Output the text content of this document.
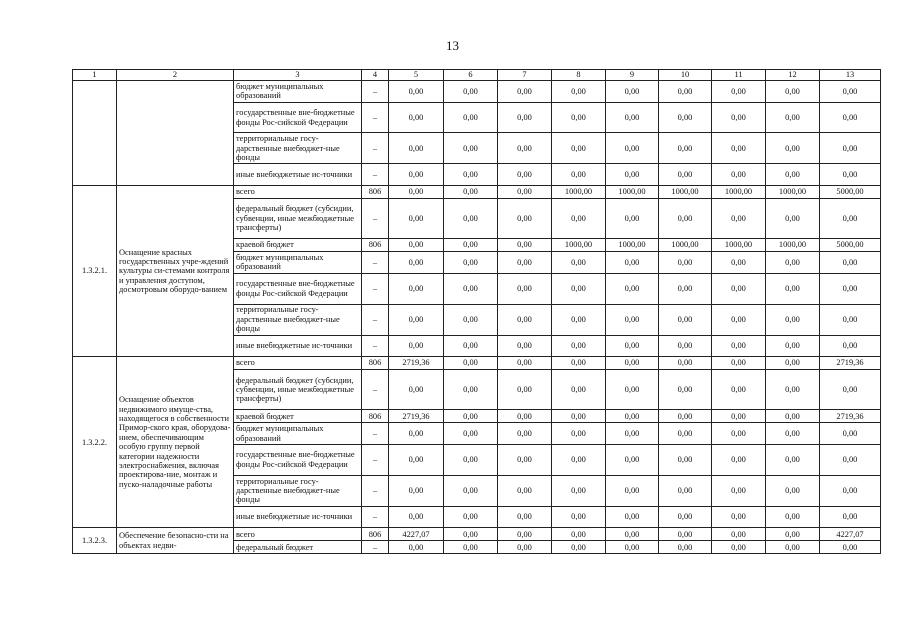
13
1	2	3	4	5	6	7	8	9	10	11	12	13
		бюджет муниципальных образований	–	0,00	0,00	0,00	0,00	0,00	0,00	0,00	0,00	0,00
		государственные вне-бюджетные фонды Рос-сийской Федерации	–	0,00	0,00	0,00	0,00	0,00	0,00	0,00	0,00	0,00
		территориальные госу-дарственные внебюджет-ные фонды	–	0,00	0,00	0,00	0,00	0,00	0,00	0,00	0,00	0,00
		иные внебюджетные ис-точники	–	0,00	0,00	0,00	0,00	0,00	0,00	0,00	0,00	0,00
1.3.2.1.	Оснащение красных государственных учре-ждений культуры си-стемами контроля и управления доступом, досмотровым оборудо-ванием	всего	806	0,00	0,00	0,00	1000,00	1000,00	1000,00	1000,00	1000,00	5000,00
		федеральный бюджет (субсидии, субвенции, иные межбюджетные трансферты)	–	0,00	0,00	0,00	0,00	0,00	0,00	0,00	0,00	0,00
		краевой бюджет	806	0,00	0,00	0,00	1000,00	1000,00	1000,00	1000,00	1000,00	5000,00
		бюджет муниципальных образований	–	0,00	0,00	0,00	0,00	0,00	0,00	0,00	0,00	0,00
		государственные вне-бюджетные фонды Рос-сийской Федерации	–	0,00	0,00	0,00	0,00	0,00	0,00	0,00	0,00	0,00
		территориальные госу-дарственные внебюджет-ные фонды	–	0,00	0,00	0,00	0,00	0,00	0,00	0,00	0,00	0,00
		иные внебюджетные ис-точники	–	0,00	0,00	0,00	0,00	0,00	0,00	0,00	0,00	0,00
1.3.2.2.	Оснащение объектов недвижимого имуще-ства, находящегося в собственности Примор-ского края, оборудова-нием, обеспечивающим особую группу первой категории надежности электроснабжения, включая проектирова-ние, монтаж и пуско-наладочные работы	всего	806	2719,36	0,00	0,00	0,00	0,00	0,00	0,00	0,00	2719,36
		федеральный бюджет (субсидии, субвенции, иные межбюджетные трансферты)	–	0,00	0,00	0,00	0,00	0,00	0,00	0,00	0,00	0,00
		краевой бюджет	806	2719,36	0,00	0,00	0,00	0,00	0,00	0,00	0,00	2719,36
		бюджет муниципальных образований	–	0,00	0,00	0,00	0,00	0,00	0,00	0,00	0,00	0,00
		государственные вне-бюджетные фонды Рос-сийской Федерации	–	0,00	0,00	0,00	0,00	0,00	0,00	0,00	0,00	0,00
		территориальные госу-дарственные внебюджет-ные фонды	–	0,00	0,00	0,00	0,00	0,00	0,00	0,00	0,00	0,00
		иные внебюджетные ис-точники	–	0,00	0,00	0,00	0,00	0,00	0,00	0,00	0,00	0,00
1.3.2.3.	Обеспечение безопасно-сти на объектах недви-	всего	806	4227,07	0,00	0,00	0,00	0,00	0,00	0,00	0,00	4227,07
		федеральный бюджет	–	0,00	0,00	0,00	0,00	0,00	0,00	0,00	0,00	0,00
